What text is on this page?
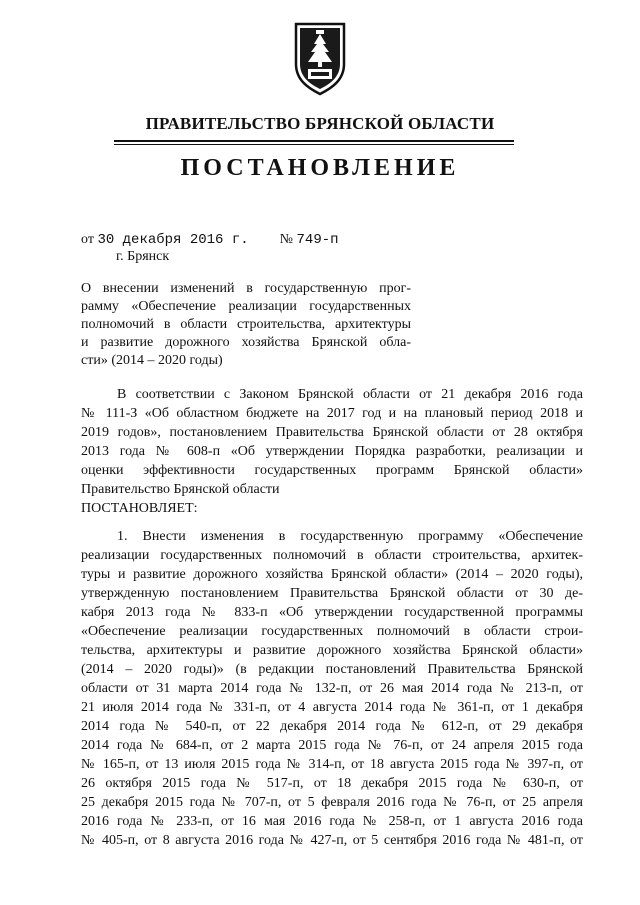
ПРАВИТЕЛЬСТВО БРЯНСКОЙ ОБЛАСТИ
ПОСТАНОВЛЕНИЕ
от 30 декабря 2016 г. № 749-п
г. Брянск
О внесении изменений в государственную прог-
рамму «Обеспечение реализации государственных
полномочий в области строительства, архитектуры
и развитие дорожного хозяйства Брянской обла-
сти» (2014 – 2020 годы)
В соответствии с Законом Брянской области от 21 декабря 2016 года
№ 111-З «Об областном бюджете на 2017 год и на плановый период 2018 и
2019 годов», постановлением Правительства Брянской области от 28 октября
2013 года № 608-п «Об утверждении Порядка разработки, реализации и
оценки эффективности государственных программ Брянской области»
Правительство Брянской области
ПОСТАНОВЛЯЕТ:
1. Внести изменения в государственную программу «Обеспечение
реализации государственных полномочий в области строительства, архитек-
туры и развитие дорожного хозяйства Брянской области» (2014 – 2020 годы),
утвержденную постановлением Правительства Брянской области от 30 де-
кабря 2013 года № 833-п «Об утверждении государственной программы
«Обеспечение реализации государственных полномочий в области строи-
тельства, архитектуры и развитие дорожного хозяйства Брянской области»
(2014 – 2020 годы)» (в редакции постановлений Правительства Брянской
области от 31 марта 2014 года № 132-п, от 26 мая 2014 года № 213-п, от
21 июля 2014 года № 331-п, от 4 августа 2014 года № 361-п, от 1 декабря
2014 года № 540-п, от 22 декабря 2014 года № 612-п, от 29 декабря
2014 года № 684-п, от 2 марта 2015 года № 76-п, от 24 апреля 2015 года
№ 165-п, от 13 июля 2015 года № 314-п, от 18 августа 2015 года № 397-п, от
26 октября 2015 года № 517-п, от 18 декабря 2015 года № 630-п, от
25 декабря 2015 года № 707-п, от 5 февраля 2016 года № 76-п, от 25 апреля
2016 года № 233-п, от 16 мая 2016 года № 258-п, от 1 августа 2016 года
№ 405-п, от 8 августа 2016 года № 427-п, от 5 сентября 2016 года № 481-п, от
